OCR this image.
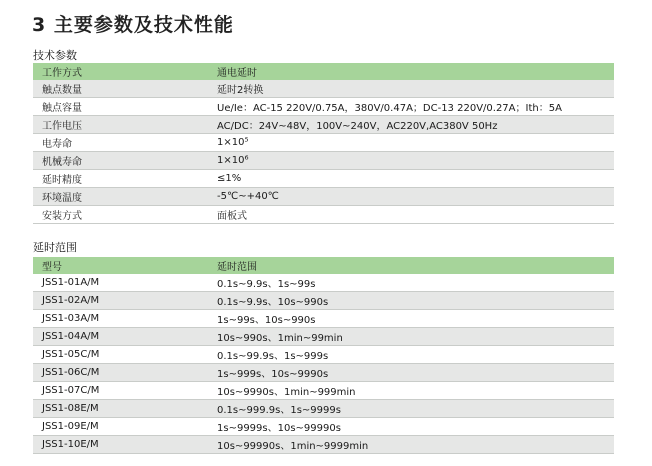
3 主要参数及技术性能
技术参数
工作方式	通电延时
触点数量	延时2转换
触点容量	Ue/Ie：AC-15 220V/0.75A，380V/0.47A；DC-13 220V/0.27A；Ith：5A
工作电压	AC/DC：24V~48V，100V~240V，AC220V,AC380V 50Hz
电寿命	1×10⁵
机械寿命	1×10⁶
延时精度	≤1%
环境温度	-5℃~+40℃
安装方式	面板式
延时范围
型号	延时范围
JSS1-01A/M	0.1s~9.9s、1s~99s
JSS1-02A/M	0.1s~9.9s、10s~990s
JSS1-03A/M	1s~99s、10s~990s
JSS1-04A/M	10s~990s、1min~99min
JSS1-05C/M	0.1s~99.9s、1s~999s
JSS1-06C/M	1s~999s、10s~9990s
JSS1-07C/M	10s~9990s、1min~999min
JSS1-08E/M	0.1s~999.9s、1s~9999s
JSS1-09E/M	1s~9999s、10s~99990s
JSS1-10E/M	10s~99990s、1min~9999min
